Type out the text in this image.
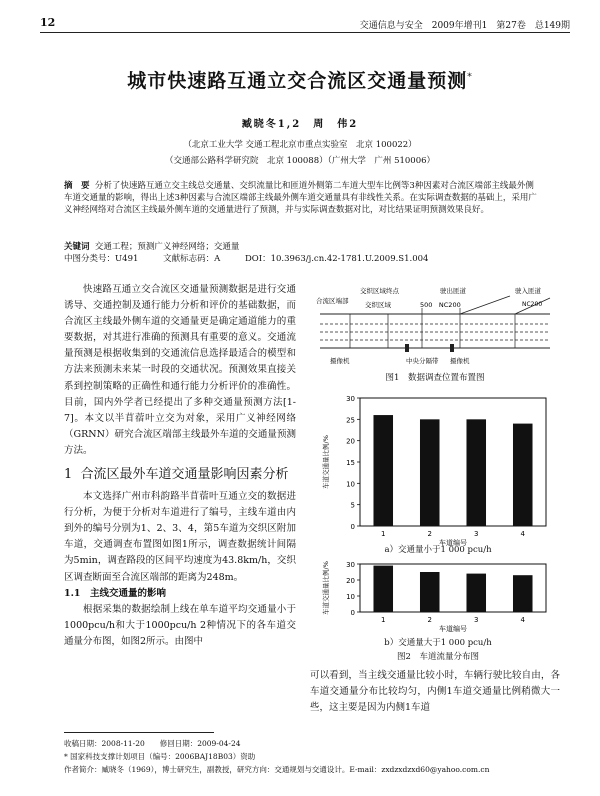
12	交通信息与安全　2009年增刊1　第27卷　总149期
城市快速路互通立交合流区交通量预测*
臧晓冬1,2　周　伟2
（北京工业大学 交通工程北京市重点实验室　北京 100022）
（交通部公路科学研究院　北京 100088）（广州大学　广州 510006）
摘　要 分析了快速路互通立交主线总交通量、交织流量比和匝道外侧第二车道大型车比例等3种因素对合流区端部主线最外侧车道交通量的影响，得出上述3种因素与合流区端部主线最外侧车道交通量具有非线性关系。在实际调查数据的基础上，采用广义神经网络对合流区主线最外侧车道的交通量进行了预测，并与实际调查数据对比，对比结果证明预测效果良好。
关键词 交通工程；预测广义神经网络；交通量
中图分类号：U491	文献标志码：A	DOI：10.3963/j.cn.42-1781.U.2009.S1.004

快速路互通立交合流区交通量预测数据是进行交通诱导、交通控制及通行能力分析和评价的基础数据，而合流区主线最外侧车道的交通量更是确定通道能力的重要数据，对其进行准确的预测具有重要的意义。交通流量预测是根据收集到的交通流信息选择最适合的模型和方法来预测未来某一时段的交通状况。预测效果直接关系到控制策略的正确性和通行能力分析评价的准确性。目前，国内外学者已经提出了多种交通量预测方法[1-7]。本文以半苜蓿叶立交为对象，采用广义神经网络（GRNN）研究合流区端部主线最外车道的交通量预测方法。

1 合流区最外车道交通量影响因素分析

本文选择广州市科韵路半苜蓿叶互通立交的数据进行分析，为便于分析对车道进行了编号，主线车道由内到外的编号分别为1、2、3、4，第5车道为交织区附加车道，交通调查布置图如图1所示，调查数据统计间隔为5min，调查路段的区间平均速度为43.8km/h，交织区调查断面至合流区端部的距离为248m。

1.1　主线交通量的影响

根据采集的数据绘制上线在单车道平均交通量小于1000pcu/h和大于1000pcu/h 2种情况下的各车道交通量分布图，如图2所示。由图中

合流区端部
交织区域终点
交织区域	500　NC200
驶出匝道	驶入匝道
NC200
摄像机	中央分隔带 摄像机
图1　数据调查位置布置图
0
5
10
15
20
25
30
1	2	3	4
车道编号
车道交通量比例/%
a）交通量小于1 000 pcu/h
0
10
20
30
1	2	3	4
车道编号
车道交通量比例/%
b）交通量大于1 000 pcu/h
图2　车道流量分布图

可以看到，当主线交通量比较小时，车辆行驶比较自由，各车道交通量分布比较均匀，内侧1车道交通量比例稍微大一些，这主要是因为内侧1车道

收稿日期：2008-11-20　　修回日期：2009-04-24
* 国家科技支撑计划项目（编号：2006BAJ18B03）资助
作者简介：臧晓冬（1969），博士研究生，副教授，研究方向：交通规划与交通设计。E-mail：zxdzxdzxd60@yahoo.com.cn
